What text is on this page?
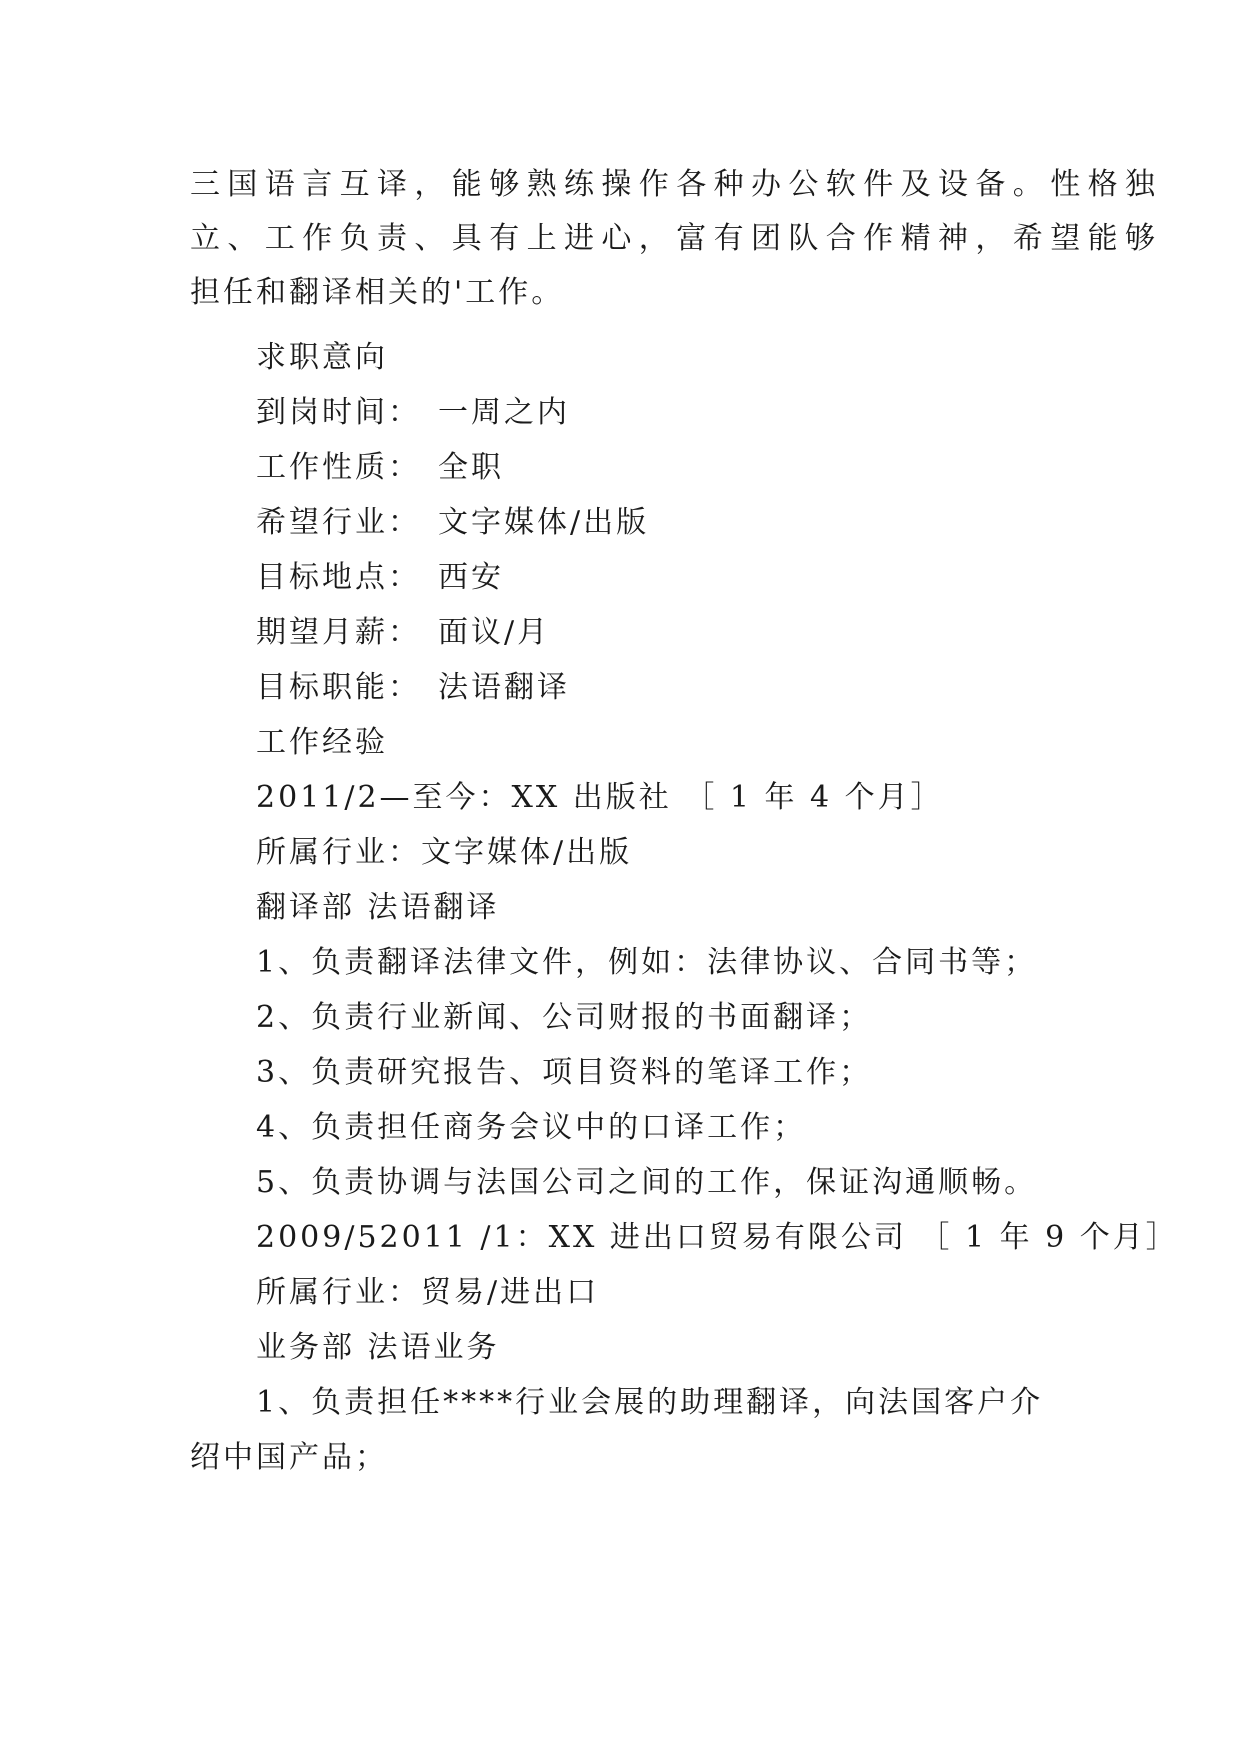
三国语言互译，能够熟练操作各种办公软件及设备。性格独
立、工作负责、具有上进心，富有团队合作精神，希望能够
担任和翻译相关的'工作。
求职意向
到岗时间： 一周之内
工作性质： 全职
希望行业： 文字媒体/出版
目标地点： 西安
期望月薪： 面议/月
目标职能： 法语翻译
工作经验
2011/2—至今：XX 出版社 ［ 1 年 4 个月］
所属行业：文字媒体/出版
翻译部 法语翻译
1、负责翻译法律文件，例如：法律协议、合同书等；
2、负责行业新闻、公司财报的书面翻译；
3、负责研究报告、项目资料的笔译工作；
4、负责担任商务会议中的口译工作；
5、负责协调与法国公司之间的工作，保证沟通顺畅。
2009/52011 /1：XX 进出口贸易有限公司 ［ 1 年 9 个月］
所属行业：贸易/进出口
业务部 法语业务
1、负责担任****行业会展的助理翻译，向法国客户介
绍中国产品；
